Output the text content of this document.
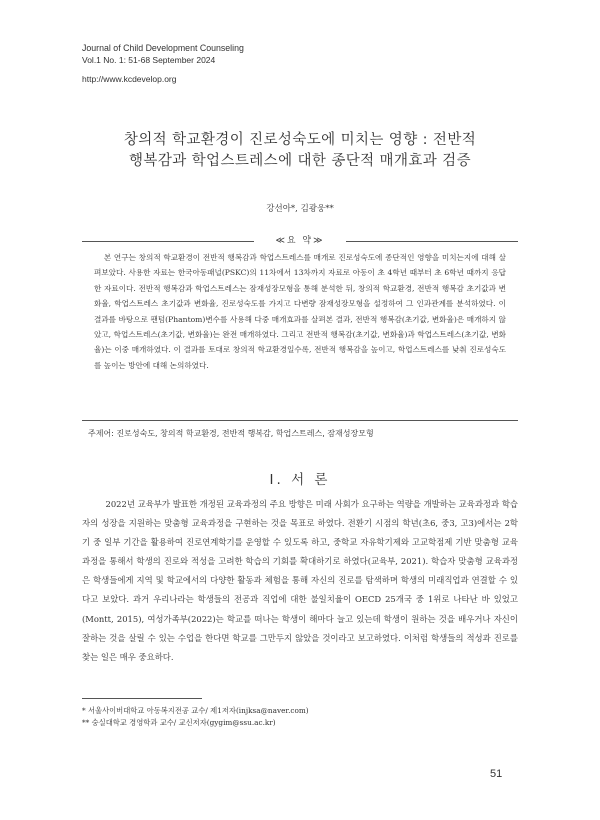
Journal of Child Development Counseling
Vol.1 No. 1: 51-68 September 2024
http://www.kcdevelop.org
창의적 학교환경이 진로성숙도에 미치는 영향 : 전반적
행복감과 학업스트레스에 대한 종단적 매개효과 검증
강선아*, 김광웅**
≪요 약≫

본 연구는 창의적 학교환경이 전반적 행복감과 학업스트레스를 매개로 진로성숙도에 종단적인 영향을 미치는지에 대해 살펴보았다. 사용한 자료는 한국아동패널(PSKC)의 11차에서 13차까지 자료로 아동이 초 4학년 때부터 초 6학년 때까지 응답한 자료이다. 전반적 행복감과 학업스트레스는 잠재성장모형을 통해 분석한 뒤, 창의적 학교환경, 전반적 행복감 초기값과 변화율, 학업스트레스 초기값과 변화율, 진로성숙도를 가지고 다변량 잠재성장모형을 설정하여 그 인과관계를 분석하였다. 이 결과를 바탕으로 팬텀(Phantom)변수를 사용해 다중 매개효과를 살펴본 결과, 전반적 행복감(초기값, 변화율)은 매개하지 않았고, 학업스트레스(초기값, 변화율)는 완전 매개하였다. 그리고 전반적 행복감(초기값, 변화율)과 학업스트레스(초기값, 변화율)는 이중 매개하였다. 이 결과를 토대로 창의적 학교환경일수록, 전반적 행복감을 높이고, 학업스트레스를 낮춰 진로성숙도를 높이는 방안에 대해 논의하였다.

주제어: 진로성숙도, 창의적 학교환경, 전반적 행복감, 학업스트레스, 잠재성장모형
Ⅰ. 서 론

2022년 교육부가 발표한 개정된 교육과정의 주요 방향은 미래 사회가 요구하는 역량을 개발하는 교육과정과 학습자의 성장을 지원하는 맞춤형 교육과정을 구현하는 것을 목표로 하였다. 전환기 시점의 학년(초6, 중3, 고3)에서는 2학기 중 일부 기간을 활용하여 진로연계학기를 운영할 수 있도록 하고, 중학교 자유학기제와 고교학점제 기반 맞춤형 교육과정을 통해서 학생의 진로와 적성을 고려한 학습의 기회를 확대하기로 하였다(교육부, 2021). 학습자 맞춤형 교육과정은 학생들에게 지역 및 학교에서의 다양한 활동과 체험을 통해 자신의 진로를 탐색하며 학생의 미래직업과 연결할 수 있다고 보았다. 과거 우리나라는 학생들의 전공과 직업에 대한 불일치율이 OECD 25개국 중 1위로 나타난 바 있었고(Montt, 2015), 여성가족부(2022)는 학교를 떠나는 학생이 해마다 늘고 있는데 학생이 원하는 것을 배우거나 자신이 잘하는 것을 살릴 수 있는 수업을 한다면 학교를 그만두지 않았을 것이라고 보고하였다. 이처럼 학생들의 적성과 진로를 찾는 일은 매우 중요하다.

* 서울사이버대학교 아동복지전공 교수/ 제1저자(injksa@naver.com)
** 숭실대학교 경영학과 교수/ 교신저자(gygim@ssu.ac.kr)
51
